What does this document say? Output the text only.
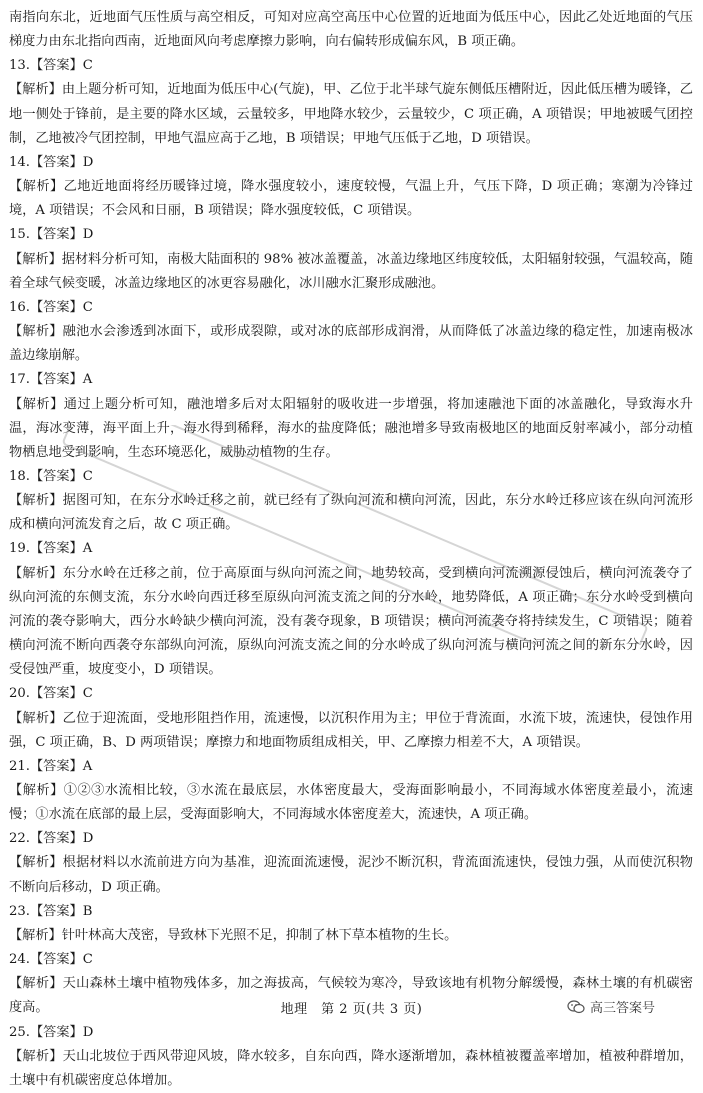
南指向东北，近地面气压性质与高空相反，可知对应高空高压中心位置的近地面为低压中心，因此乙处近地面的气压梯度力由东北指向西南，近地面风向考虑摩擦力影响，向右偏转形成偏东风，B 项正确。
13.【答案】C
【解析】由上题分析可知，近地面为低压中心(气旋)，甲、乙位于北半球气旋东侧低压槽附近，因此低压槽为暖锋，乙地一侧处于锋前，是主要的降水区域，云量较多，甲地降水较少，云量较少，C 项正确，A 项错误；甲地被暖气团控制，乙地被冷气团控制，甲地气温应高于乙地，B 项错误；甲地气压低于乙地，D 项错误。
14.【答案】D
【解析】乙地近地面将经历暖锋过境，降水强度较小，速度较慢，气温上升，气压下降，D 项正确；寒潮为冷锋过境，A 项错误；不会风和日丽，B 项错误；降水强度较低，C 项错误。
15.【答案】D
【解析】据材料分析可知，南极大陆面积的 98% 被冰盖覆盖，冰盖边缘地区纬度较低，太阳辐射较强，气温较高，随着全球气候变暖，冰盖边缘地区的冰更容易融化，冰川融水汇聚形成融池。
16.【答案】C
【解析】融池水会渗透到冰面下，或形成裂隙，或对冰的底部形成润滑，从而降低了冰盖边缘的稳定性，加速南极冰盖边缘崩解。
17.【答案】A
【解析】通过上题分析可知，融池增多后对太阳辐射的吸收进一步增强，将加速融池下面的冰盖融化，导致海水升温，海冰变薄，海平面上升，海水得到稀释，海水的盐度降低；融池增多导致南极地区的地面反射率减小，部分动植物栖息地受到影响，生态环境恶化，威胁动植物的生存。
18.【答案】C
【解析】据图可知，在东分水岭迁移之前，就已经有了纵向河流和横向河流，因此，东分水岭迁移应该在纵向河流形成和横向河流发育之后，故 C 项正确。
19.【答案】A
【解析】东分水岭在迁移之前，位于高原面与纵向河流之间，地势较高，受到横向河流溯源侵蚀后，横向河流袭夺了纵向河流的东侧支流，东分水岭向西迁移至原纵向河流支流之间的分水岭，地势降低，A 项正确；东分水岭受到横向河流的袭夺影响大，西分水岭缺少横向河流，没有袭夺现象，B 项错误；横向河流袭夺将持续发生，C 项错误；随着横向河流不断向西袭夺东部纵向河流，原纵向河流支流之间的分水岭成了纵向河流与横向河流之间的新东分水岭，因受侵蚀严重，坡度变小，D 项错误。
20.【答案】C
【解析】乙位于迎流面，受地形阻挡作用，流速慢，以沉积作用为主；甲位于背流面，水流下坡，流速快，侵蚀作用强，C 项正确，B、D 两项错误；摩擦力和地面物质组成相关，甲、乙摩擦力相差不大，A 项错误。
21.【答案】A
【解析】①②③水流相比较，③水流在最底层，水体密度最大，受海面影响最小，不同海域水体密度差最小，流速慢；①水流在底部的最上层，受海面影响大，不同海域水体密度差大，流速快，A 项正确。
22.【答案】D
【解析】根据材料以水流前进方向为基准，迎流面流速慢，泥沙不断沉积，背流面流速快，侵蚀力强，从而使沉积物不断向后移动，D 项正确。
23.【答案】B
【解析】针叶林高大茂密，导致林下光照不足，抑制了林下草本植物的生长。
24.【答案】C
【解析】天山森林土壤中植物残体多，加之海拔高，气候较为寒冷，导致该地有机物分解缓慢，森林土壤的有机碳密度高。
25.【答案】D
【解析】天山北坡位于西风带迎风坡，降水较多，自东向西，降水逐渐增加，森林植被覆盖率增加，植被种群增加，土壤中有机碳密度总体增加。
地理　第 2 页(共 3 页)	高三答案号
